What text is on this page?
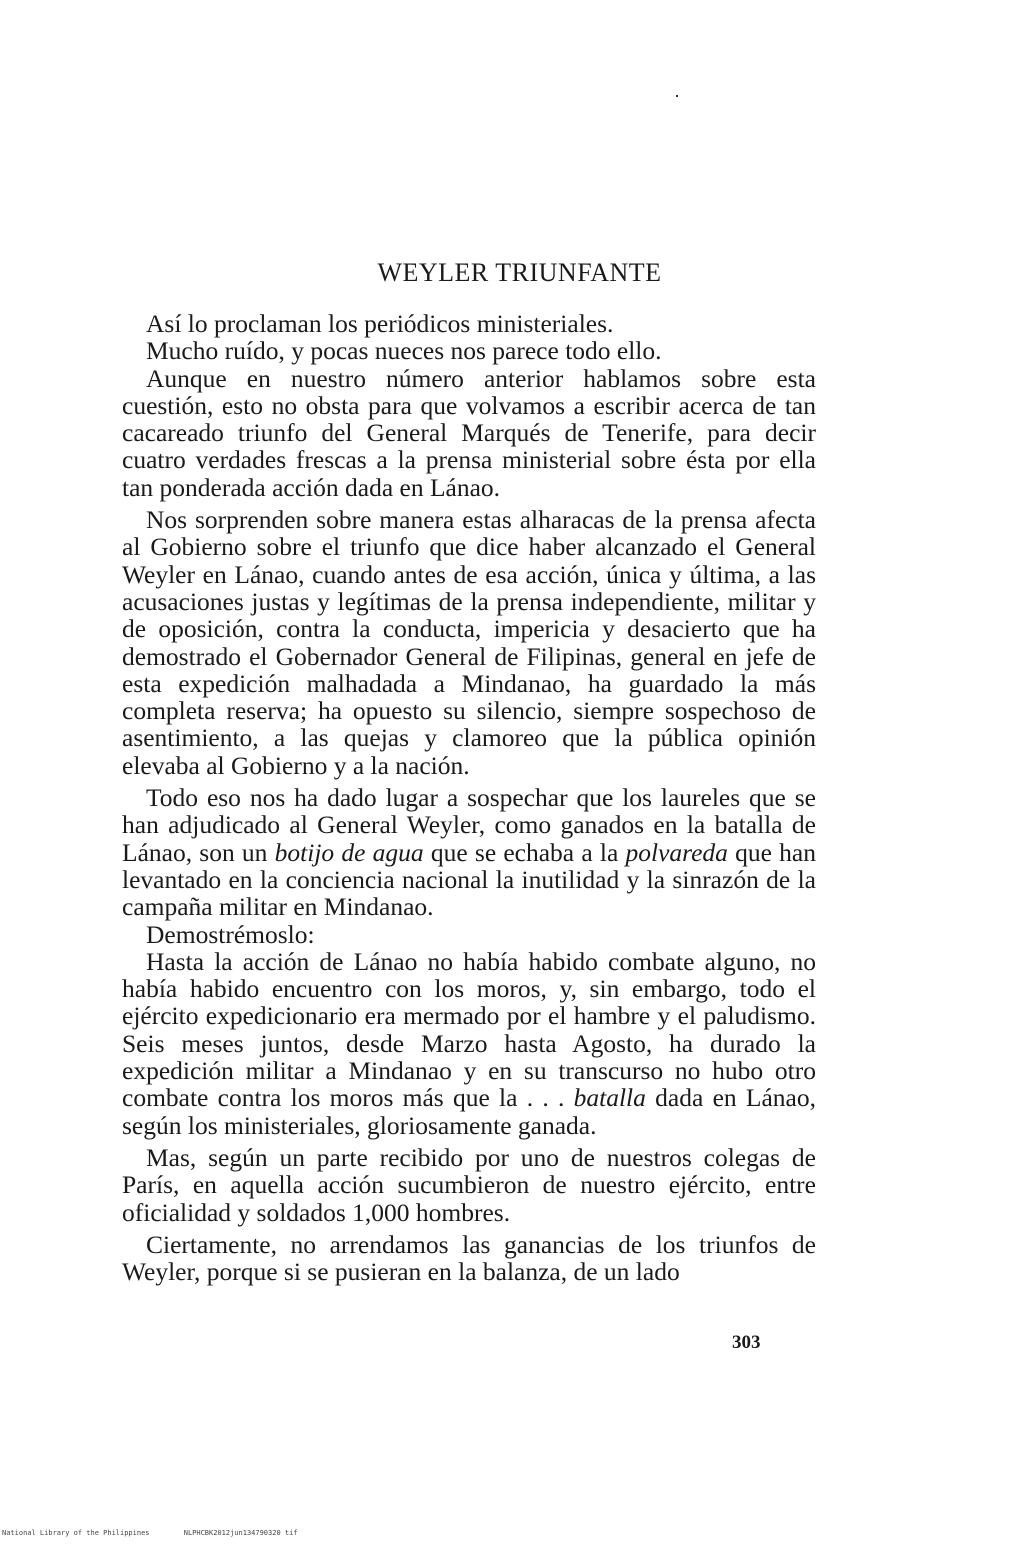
WEYLER TRIUNFANTE

Así lo proclaman los periódicos ministeriales.

Mucho ruído, y pocas nueces nos parece todo ello.

Aunque en nuestro número anterior hablamos sobre esta cuestión, esto no obsta para que volvamos a escribir acerca de tan cacareado triunfo del General Marqués de Tenerife, para decir cuatro verdades frescas a la prensa ministerial sobre ésta por ella tan ponderada acción dada en Lánao.

Nos sorprenden sobre manera estas alharacas de la prensa afecta al Gobierno sobre el triunfo que dice haber alcanzado el General Weyler en Lánao, cuando antes de esa acción, única y última, a las acusaciones justas y legítimas de la prensa independiente, militar y de oposición, contra la conducta, impericia y desacierto que ha demostrado el Gobernador General de Filipinas, general en jefe de esta expedición malhadada a Mindanao, ha guardado la más completa reserva; ha opuesto su silencio, siempre sospechoso de asentimiento, a las quejas y clamoreo que la pública opinión elevaba al Gobierno y a la nación.

Todo eso nos ha dado lugar a sospechar que los laureles que se han adjudicado al General Weyler, como ganados en la batalla de Lánao, son un botijo de agua que se echaba a la polvareda que han levantado en la conciencia nacional la inutilidad y la sinrazón de la campaña militar en Mindanao.

Demostrémoslo:

Hasta la acción de Lánao no había habido combate alguno, no había habido encuentro con los moros, y, sin embargo, todo el ejército expedicionario era mermado por el hambre y el paludismo. Seis meses juntos, desde Marzo hasta Agosto, ha durado la expedición militar a Mindanao y en su transcurso no hubo otro combate contra los moros más que la . . . batalla dada en Lánao, según los ministeriales, gloriosamente ganada.

Mas, según un parte recibido por uno de nuestros colegas de París, en aquella acción sucumbieron de nuestro ejército, entre oficialidad y soldados 1,000 hombres.

Ciertamente, no arrendamos las ganancias de los triunfos de Weyler, porque si se pusieran en la balanza, de un lado

303
National Library of the Philippines	NLPHCBK2012jun134790320 tif
